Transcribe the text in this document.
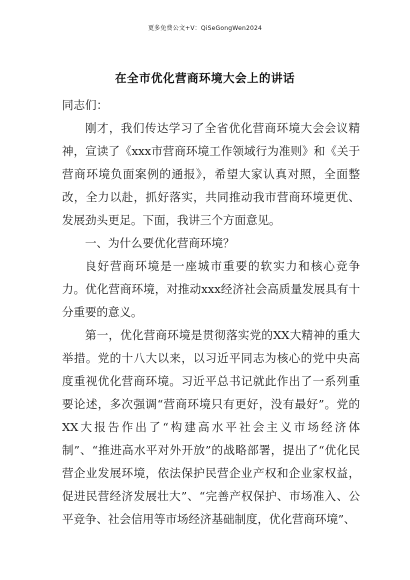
更多免费公文+V：QiSeGongWen2024
在全市优化营商环境大会上的讲话

同志们：

刚才，我们传达学习了全省优化营商环境大会会议精神，宣读了《xxx市营商环境工作领域行为准则》和《关于营商环境负面案例的通报》，希望大家认真对照，全面整改，全力以赴，抓好落实，共同推动我市营商环境更优、发展劲头更足。下面，我讲三个方面意见。

一、为什么要优化营商环境？

良好营商环境是一座城市重要的软实力和核心竞争力。优化营商环境，对推动xxx经济社会高质量发展具有十分重要的意义。

第一，优化营商环境是贯彻落实党的XX大精神的重大举措。党的十八大以来，以习近平同志为核心的党中央高度重视优化营商环境。习近平总书记就此作出了一系列重要论述，多次强调“营商环境只有更好，没有最好”。党的XX大报告作出了“构建高水平社会主义市场经济体制”、“推进高水平对外开放”的战略部署，提出了“优化民营企业发展环境，依法保护民营企业产权和企业家权益，促进民营经济发展壮大”、“完善产权保护、市场准入、公平竞争、社会信用等市场经济基础制度，优化营商环境”、
